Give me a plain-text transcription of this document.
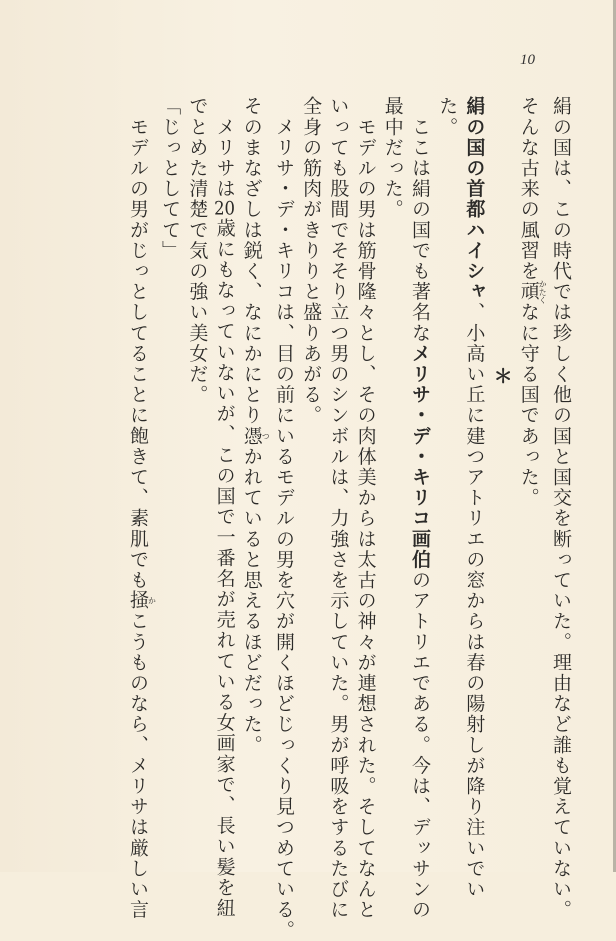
10
絹の国は、この時代では珍しく他の国と国交を断っていた。理由など誰も覚えていない。
そんな古来の風習を頑かたくなに守る国であった。
＊
絹の国の首都ハイシャ、小高い丘に建つアトリエの窓からは春の陽射しが降り注いでい
た。
　ここは絹の国でも著名なメリサ・デ・キリコ画伯のアトリエである。今は、デッサンの
最中だった。
　モデルの男は筋骨隆々とし、その肉体美からは太古の神々が連想された。そしてなんと
いっても股間でそそり立つ男のシンボルは、力強さを示していた。男が呼吸をするたびに
全身の筋肉がきりりと盛りあがる。
　メリサ・デ・キリコは、目の前にいるモデルの男を穴が開くほどじっくり見つめている。
そのまなざしは鋭く、なにかにとり憑つかれていると思えるほどだった。
　メリサは20歳にもなっていないが、この国で一番名が売れている女画家で、長い髪を紐
でとめた清楚で気の強い美女だ。
「じっとしてて」
　モデルの男がじっとしてることに飽きて、素肌でも掻かこうものなら、メリサは厳しい言
